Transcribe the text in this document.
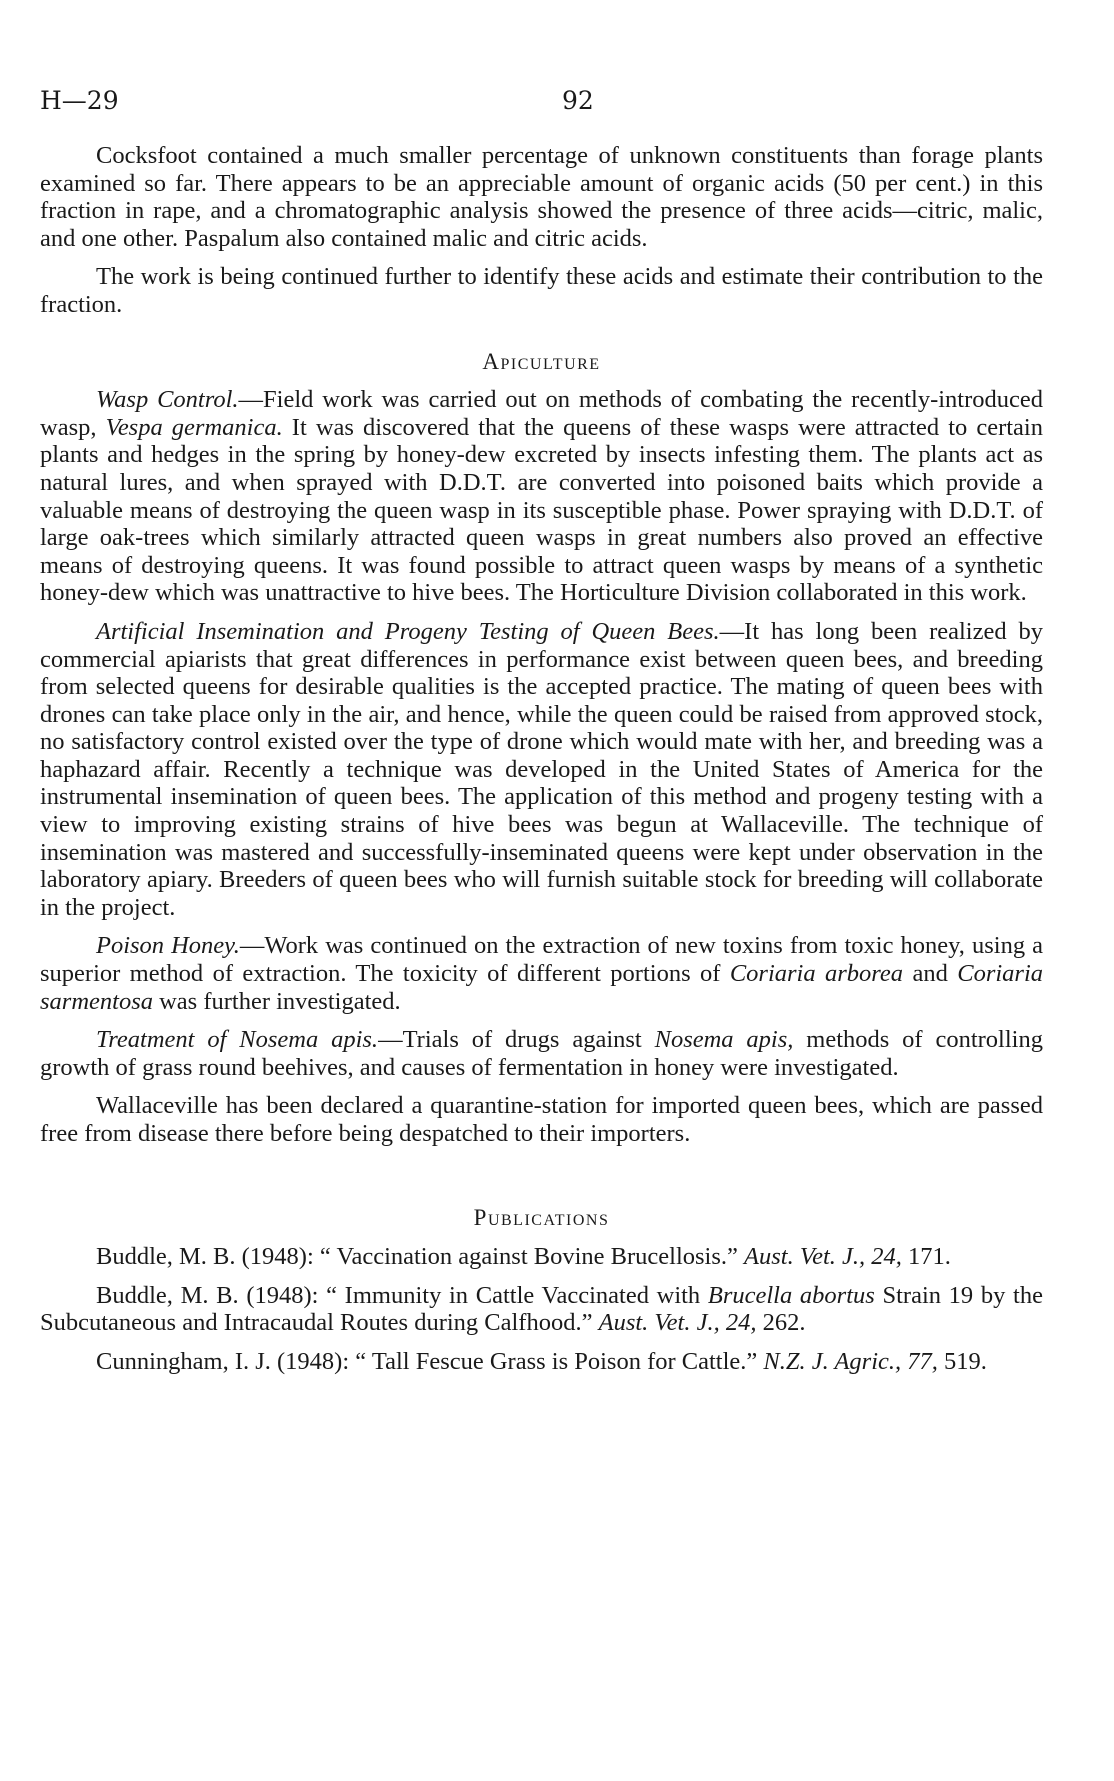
H—29	92

Cocksfoot contained a much smaller percentage of unknown constituents than forage plants examined so far. There appears to be an appreciable amount of organic acids (50 per cent.) in this fraction in rape, and a chromatographic analysis showed the presence of three acids—citric, malic, and one other. Paspalum also contained malic and citric acids.

The work is being continued further to identify these acids and estimate their contribution to the fraction.

Apiculture

Wasp Control.—Field work was carried out on methods of combating the recently-introduced wasp, Vespa germanica. It was discovered that the queens of these wasps were attracted to certain plants and hedges in the spring by honey-dew excreted by insects infesting them. The plants act as natural lures, and when sprayed with D.D.T. are converted into poisoned baits which provide a valuable means of destroying the queen wasp in its susceptible phase. Power spraying with D.D.T. of large oak-trees which similarly attracted queen wasps in great numbers also proved an effective means of destroying queens. It was found possible to attract queen wasps by means of a synthetic honey-dew which was unattractive to hive bees. The Horticulture Division collaborated in this work.

Artificial Insemination and Progeny Testing of Queen Bees.—It has long been realized by commercial apiarists that great differences in performance exist between queen bees, and breeding from selected queens for desirable qualities is the accepted practice. The mating of queen bees with drones can take place only in the air, and hence, while the queen could be raised from approved stock, no satisfactory control existed over the type of drone which would mate with her, and breeding was a haphazard affair. Recently a technique was developed in the United States of America for the instrumental insemination of queen bees. The application of this method and progeny testing with a view to improving existing strains of hive bees was begun at Wallaceville. The technique of insemination was mastered and successfully-inseminated queens were kept under observation in the laboratory apiary. Breeders of queen bees who will furnish suitable stock for breeding will collaborate in the project.

Poison Honey.—Work was continued on the extraction of new toxins from toxic honey, using a superior method of extraction. The toxicity of different portions of Coriaria arborea and Coriaria sarmentosa was further investigated.

Treatment of Nosema apis.—Trials of drugs against Nosema apis, methods of controlling growth of grass round beehives, and causes of fermentation in honey were investigated.

Wallaceville has been declared a quarantine-station for imported queen bees, which are passed free from disease there before being despatched to their importers.

Publications

Buddle, M. B. (1948): “ Vaccination against Bovine Brucellosis.” Aust. Vet. J., 24, 171.

Buddle, M. B. (1948): “ Immunity in Cattle Vaccinated with Brucella abortus Strain 19 by the Subcutaneous and Intracaudal Routes during Calfhood.” Aust. Vet. J., 24, 262.

Cunningham, I. J. (1948): “ Tall Fescue Grass is Poison for Cattle.” N.Z. J. Agric., 77, 519.
